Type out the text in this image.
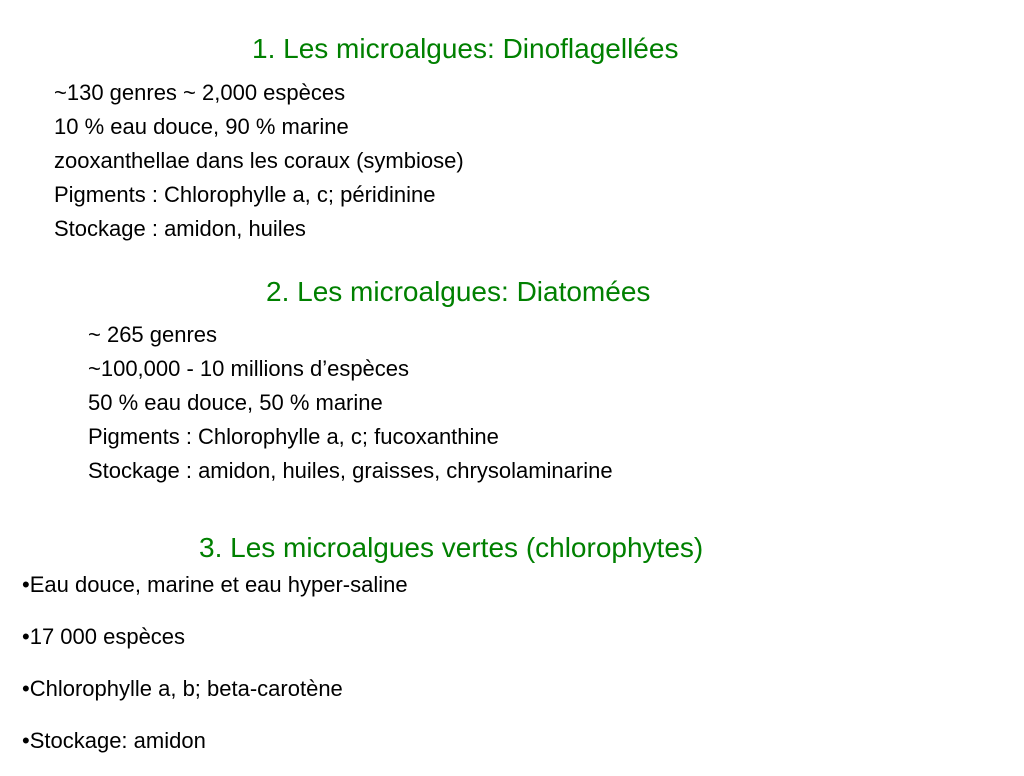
1. Les microalgues: Dinoflagellées
~130 genres ~ 2,000 espèces
10 % eau douce, 90 % marine
zooxanthellae dans les coraux (symbiose)
Pigments : Chlorophylle a, c; péridinine
Stockage : amidon, huiles
2. Les microalgues: Diatomées
~ 265 genres
~100,000 - 10 millions d’espèces
50 % eau douce, 50 % marine
Pigments : Chlorophylle a, c; fucoxanthine
Stockage : amidon, huiles, graisses, chrysolaminarine
3. Les microalgues vertes (chlorophytes)
• Eau douce, marine et eau hyper-saline
• 17 000 espèces
• Chlorophylle a, b; beta-carotène
• Stockage: amidon
